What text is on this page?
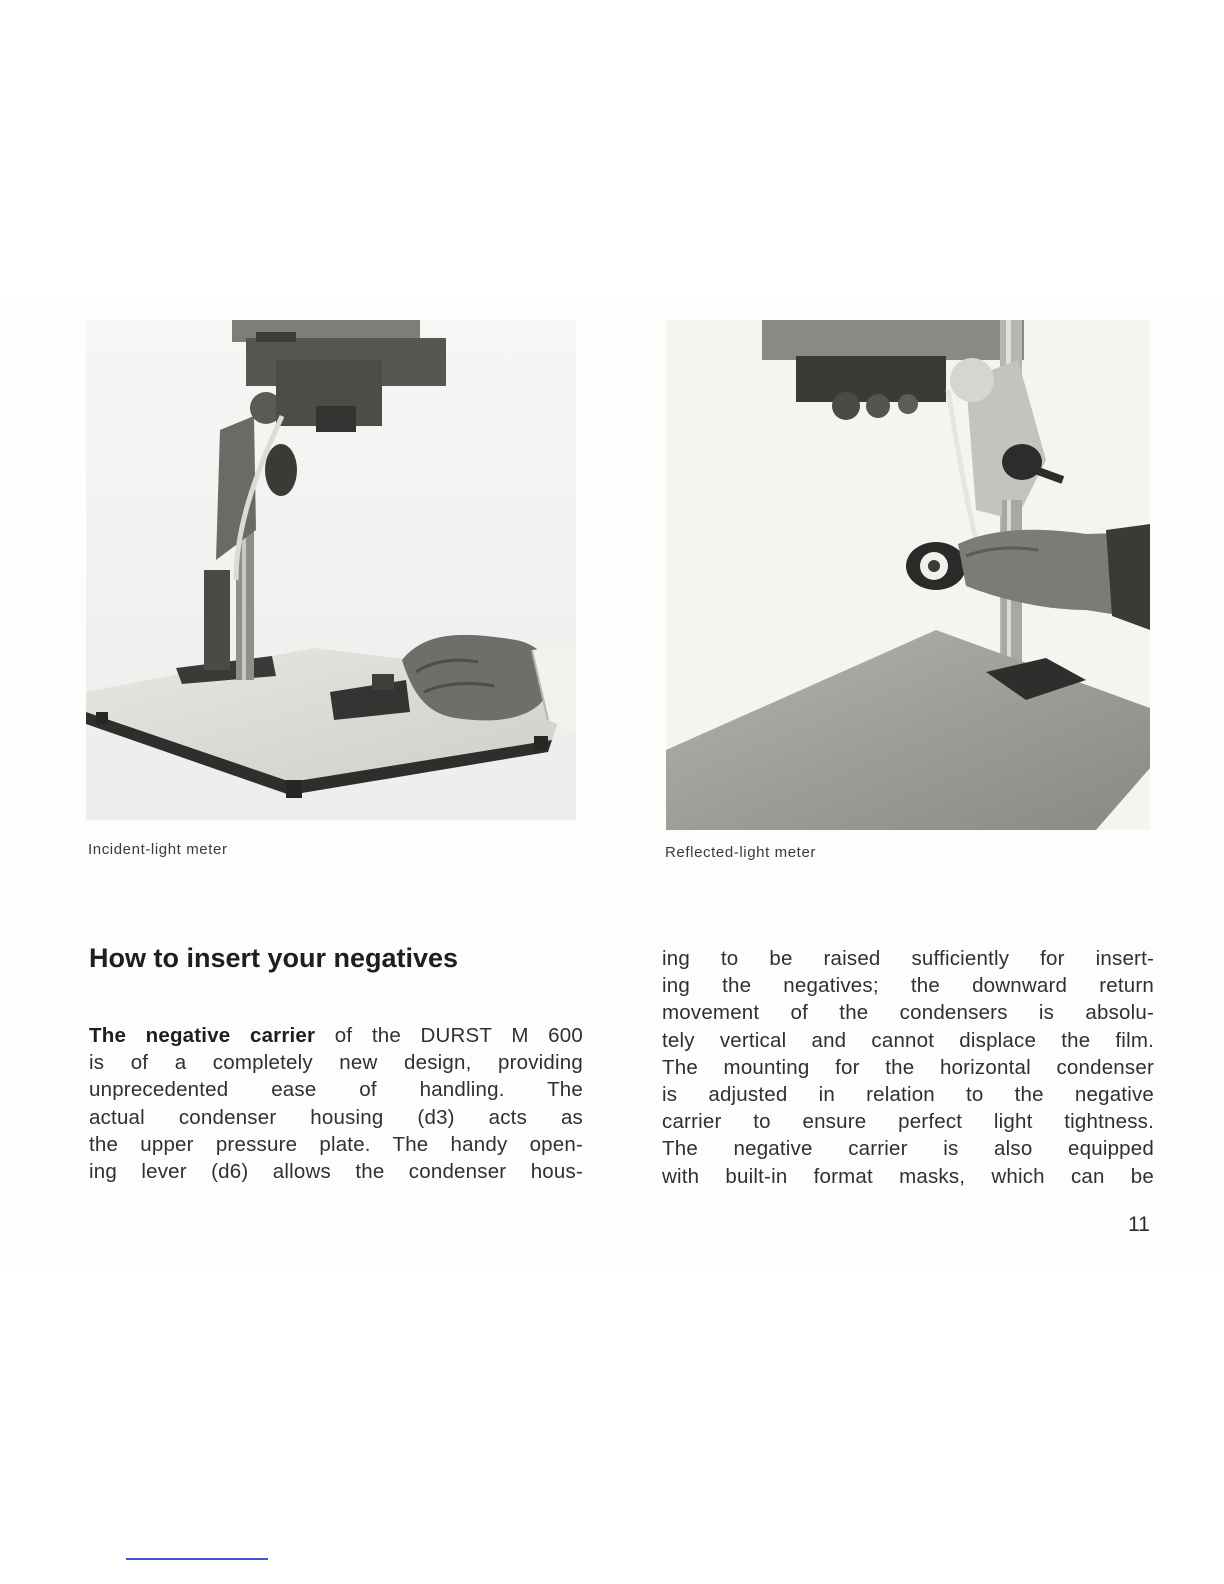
Incident-light meter	Reflected-light meter
How to insert your negatives
The negative carrier of the DURST M 600
is of a completely new design, providing
unprecedented ease of handling. The
actual condenser housing (d3) acts as
the upper pressure plate. The handy open-
ing lever (d6) allows the condenser hous-
ing to be raised sufficiently for insert-
ing the negatives; the downward return
movement of the condensers is absolu-
tely vertical and cannot displace the film.
The mounting for the horizontal condenser
is adjusted in relation to the negative
carrier to ensure perfect light tightness.
The negative carrier is also equipped
with built-in format masks, which can be
11
